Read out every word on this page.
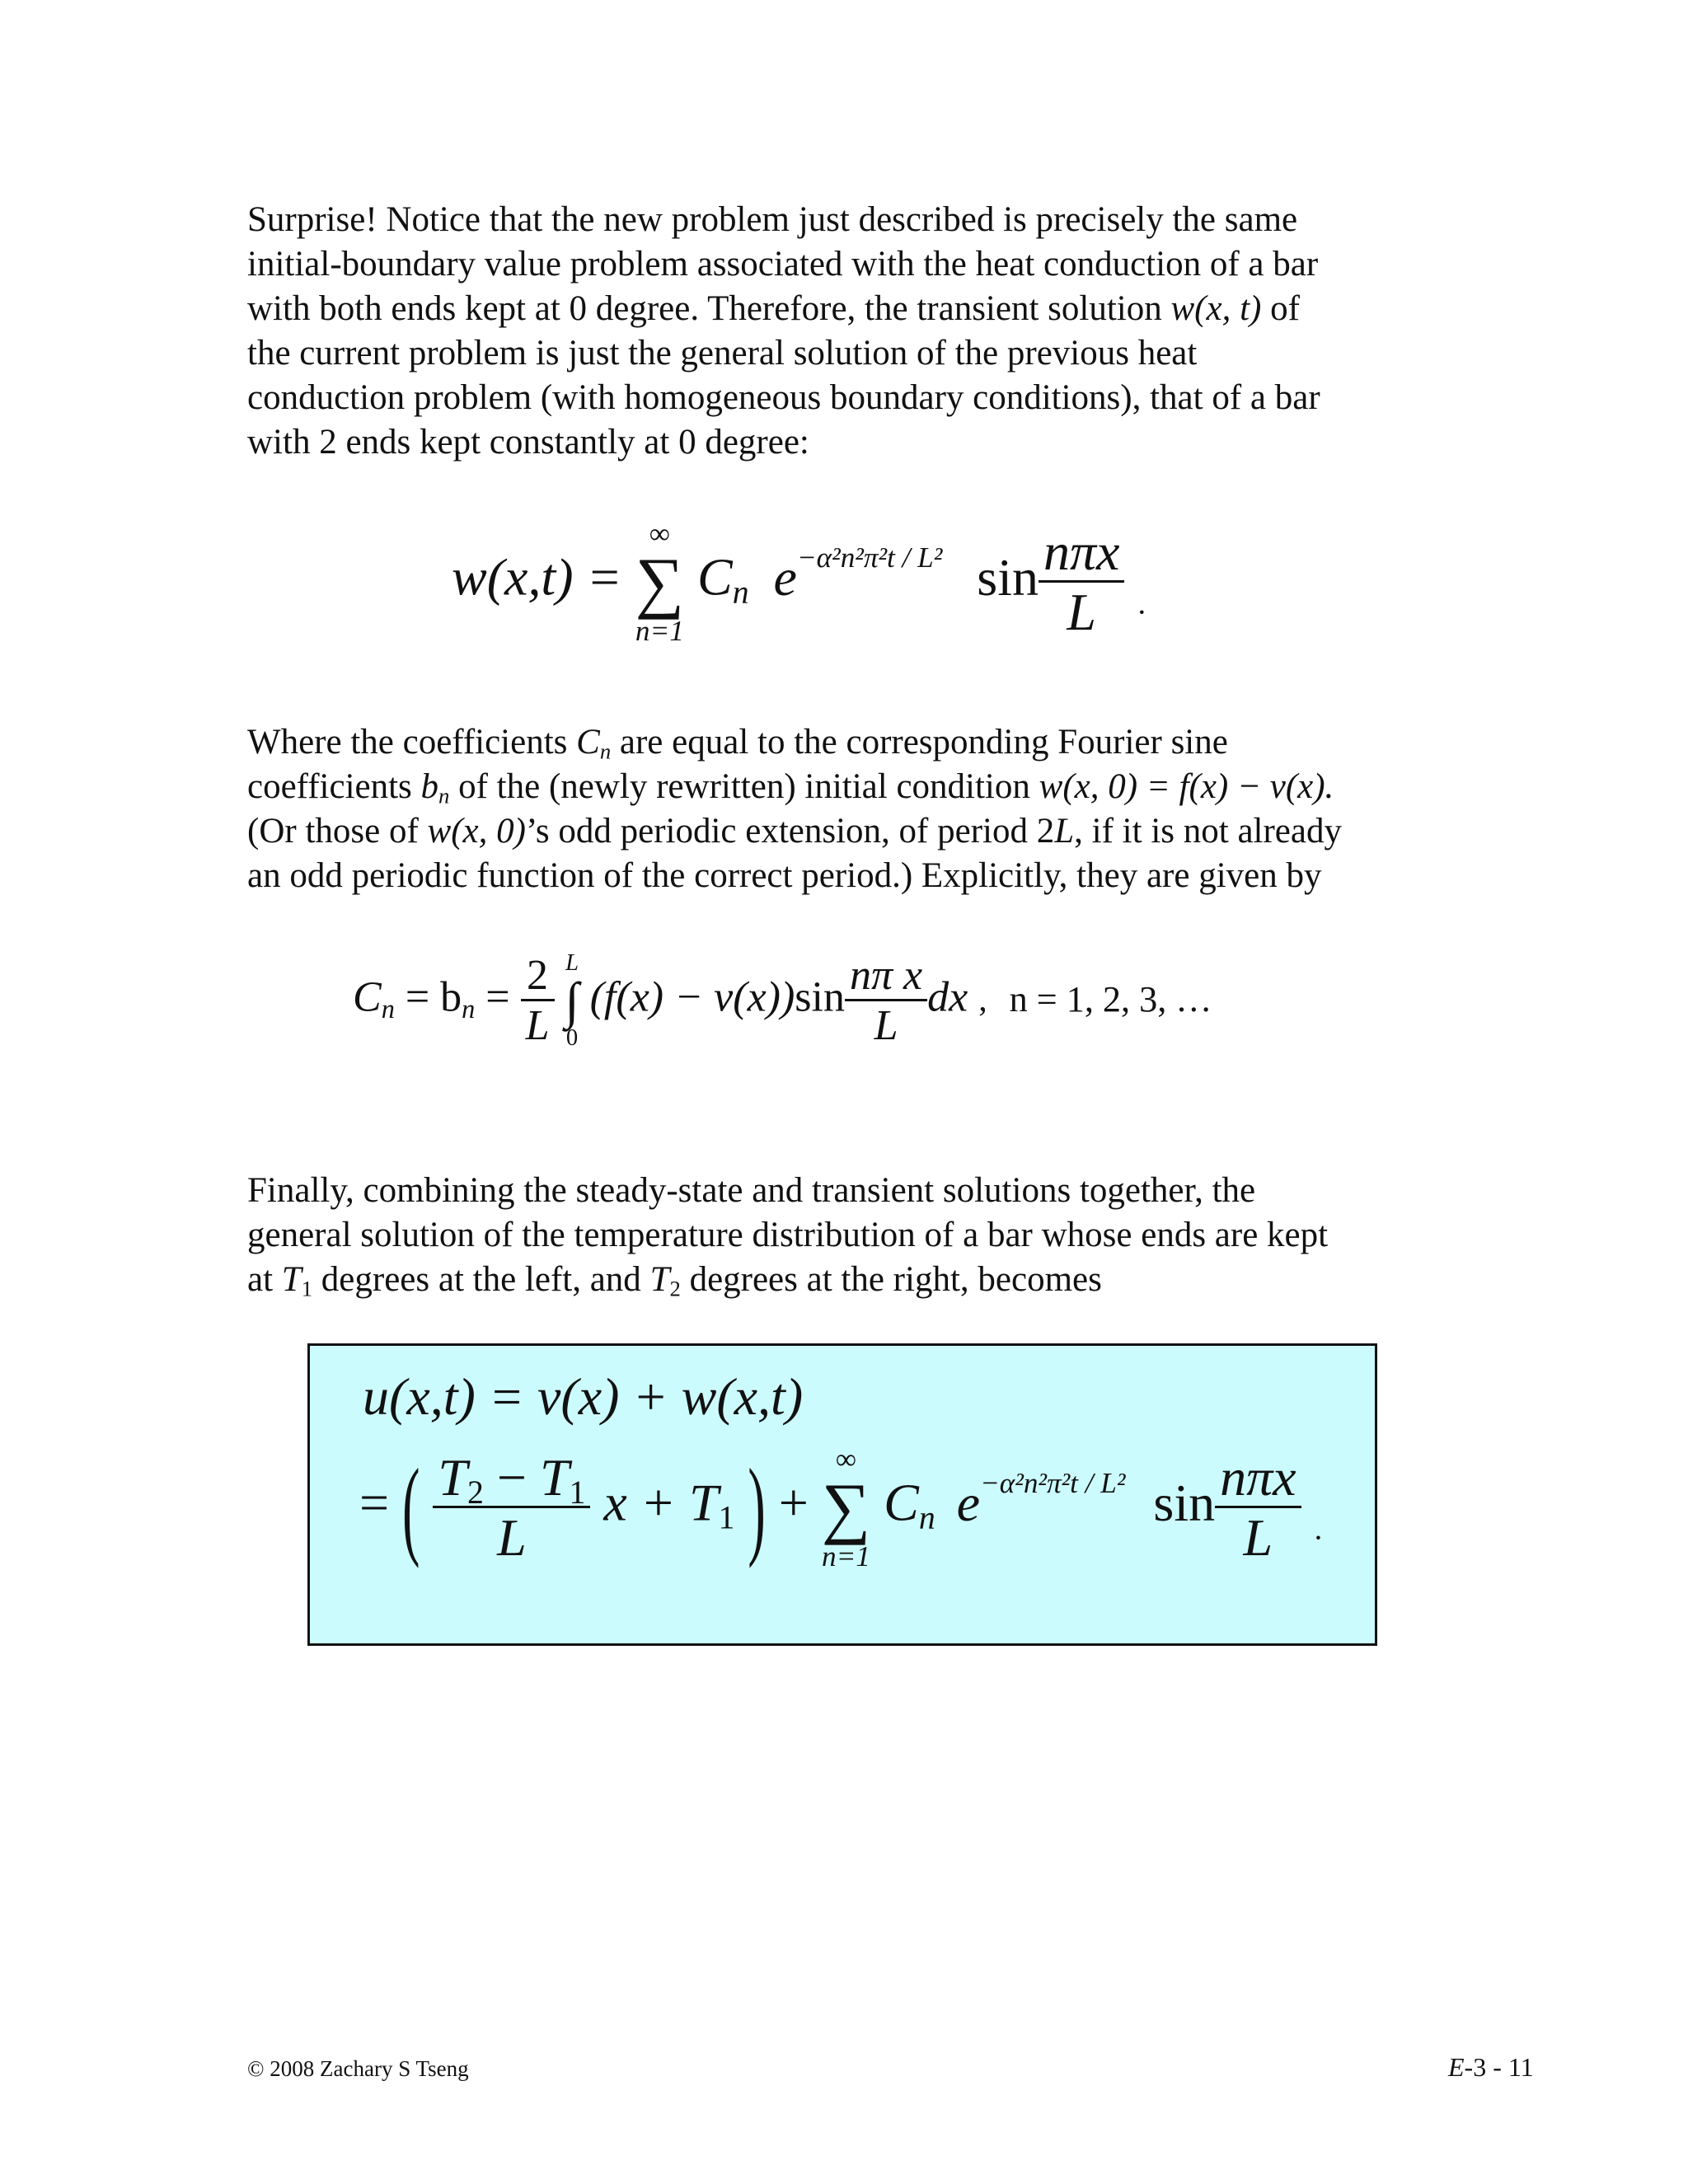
Surprise! Notice that the new problem just described is precisely the same

initial-boundary value problem associated with the heat conduction of a bar

with both ends kept at 0 degree. Therefore, the transient solution w(x, t) of

the current problem is just the general solution of the previous heat

conduction problem (with homogeneous boundary conditions), that of a bar

with 2 ends kept constantly at 0 degree:

w(x,t) =
∞
∑
n=1
$C_n$ $e^{-\alpha^2n^2\pi^2t / L^2}$ $\sin \frac{\text{nπx}}{L} _.$

Where the coefficients $C_n$ are equal to the corresponding Fourier sine

coefficients $b_n$ of the (newly rewritten) initial condition w(x, 0) = f(x) − v(x).

(Or those of w(x, 0)’s odd periodic extension, of period 2L, if it is not already

an odd periodic function of the correct period.) Explicitly, they are given by

$C_n = b_n = \frac{2}{L}$
L
∫
0
$(f(x) - v(x))\sin \frac{\text{nπ x}}{L}$ dx , n = 1, 2, 3, …

Finally, combining the steady-state and transient solutions together, the

general solution of the temperature distribution of a bar whose ends are kept

at $T_1$ degrees at the left, and $T_2$ degrees at the right, becomes

u(x,t) = v(x) + w(x,t)
= ( $\frac{T_2 - T_1}{L}$ $x + T_1$ ) +
∞
∑
n=1
$C_n$ $e^{-\alpha^2n^2\pi^2t / L^2}$ $\sin \frac{\text{nπx}}{L} _.$
© 2008 Zachary S Tseng	E-3 - 11
